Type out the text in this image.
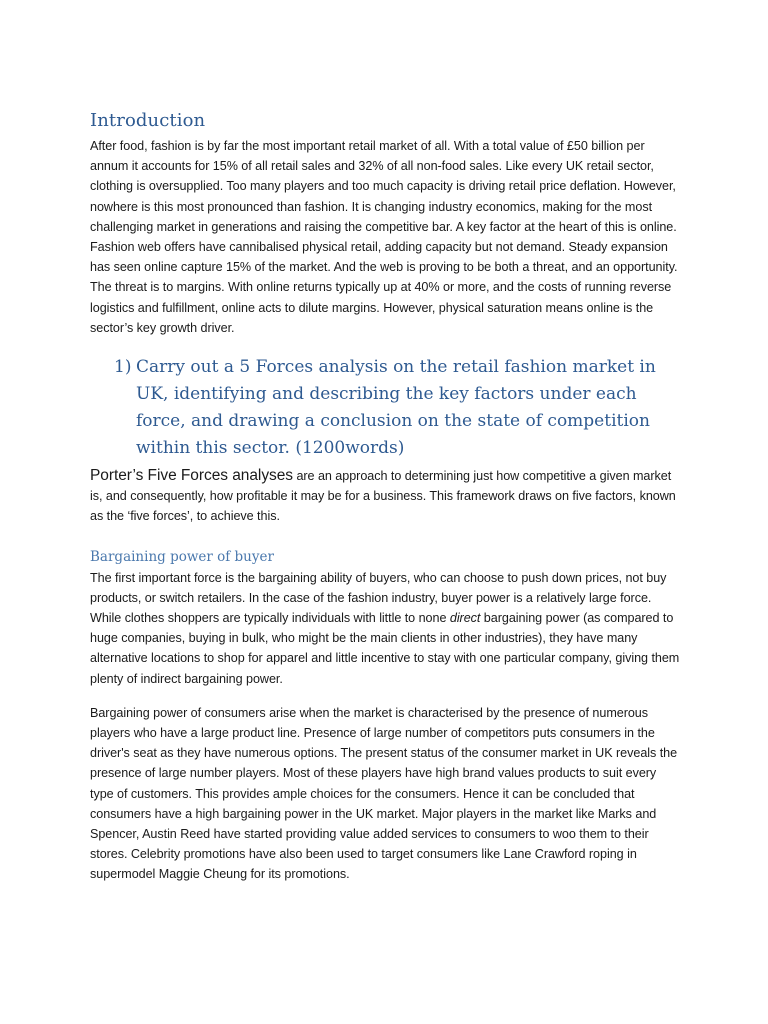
Introduction

After food, fashion is by far the most important retail market of all. With a total value of £50 billion per annum it accounts for 15% of all retail sales and 32% of all non-food sales. Like every UK retail sector, clothing is oversupplied. Too many players and too much capacity is driving retail price deflation. However, nowhere is this most pronounced than fashion. It is changing industry economics, making for the most challenging market in generations and raising the competitive bar. A key factor at the heart of this is online. Fashion web offers have cannibalised physical retail, adding capacity but not demand. Steady expansion has seen online capture 15% of the market. And the web is proving to be both a threat, and an opportunity. The threat is to margins. With online returns typically up at 40% or more, and the costs of running reverse logistics and fulfillment, online acts to dilute margins. However, physical saturation means online is the sector’s key growth driver.

1) Carry out a 5 Forces analysis on the retail fashion market in UK, identifying and describing the key factors under each force, and drawing a conclusion on the state of competition within this sector. (1200words)

Porter’s Five Forces analyses are an approach to determining just how competitive a given market is, and consequently, how profitable it may be for a business. This framework draws on five factors, known as the ‘five forces’, to achieve this.

Bargaining power of buyer

The first important force is the bargaining ability of buyers, who can choose to push down prices, not buy products, or switch retailers. In the case of the fashion industry, buyer power is a relatively large force. While clothes shoppers are typically individuals with little to none direct bargaining power (as compared to huge companies, buying in bulk, who might be the main clients in other industries), they have many alternative locations to shop for apparel and little incentive to stay with one particular company, giving them plenty of indirect bargaining power.

Bargaining power of consumers arise when the market is characterised by the presence of numerous players who have a large product line. Presence of large number of competitors puts consumers in the driver's seat as they have numerous options. The present status of the consumer market in UK reveals the presence of large number players. Most of these players have high brand values products to suit every type of customers. This provides ample choices for the consumers. Hence it can be concluded that consumers have a high bargaining power in the UK market. Major players in the market like Marks and Spencer, Austin Reed have started providing value added services to consumers to woo them to their stores. Celebrity promotions have also been used to target consumers like Lane Crawford roping in supermodel Maggie Cheung for its promotions.
